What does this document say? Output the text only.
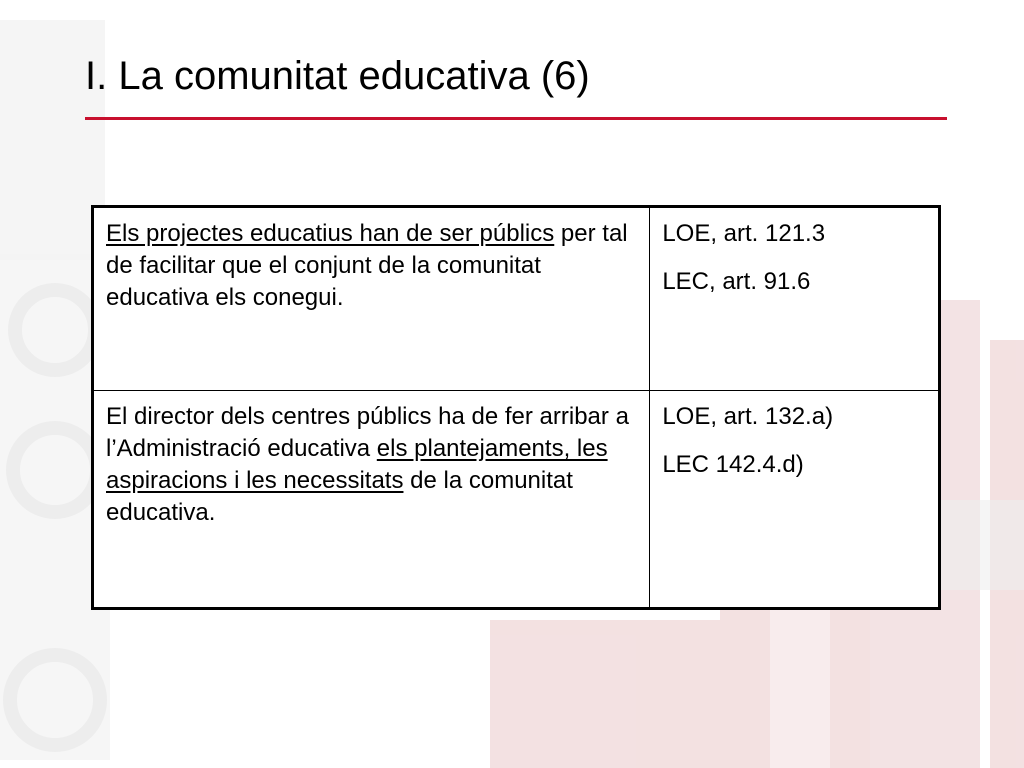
I. La comunitat educativa (6)
Els projectes educatius han de ser públics per tal de facilitar que el conjunt de la comunitat educativa els conegui.	LOE, art. 121.3
LEC, art. 91.6

El director dels centres públics ha de fer arribar a l’Administració educativa els plantejaments, les aspiracions i les necessitats de la comunitat educativa.	LOE, art. 132.a)
LEC 142.4.d)
